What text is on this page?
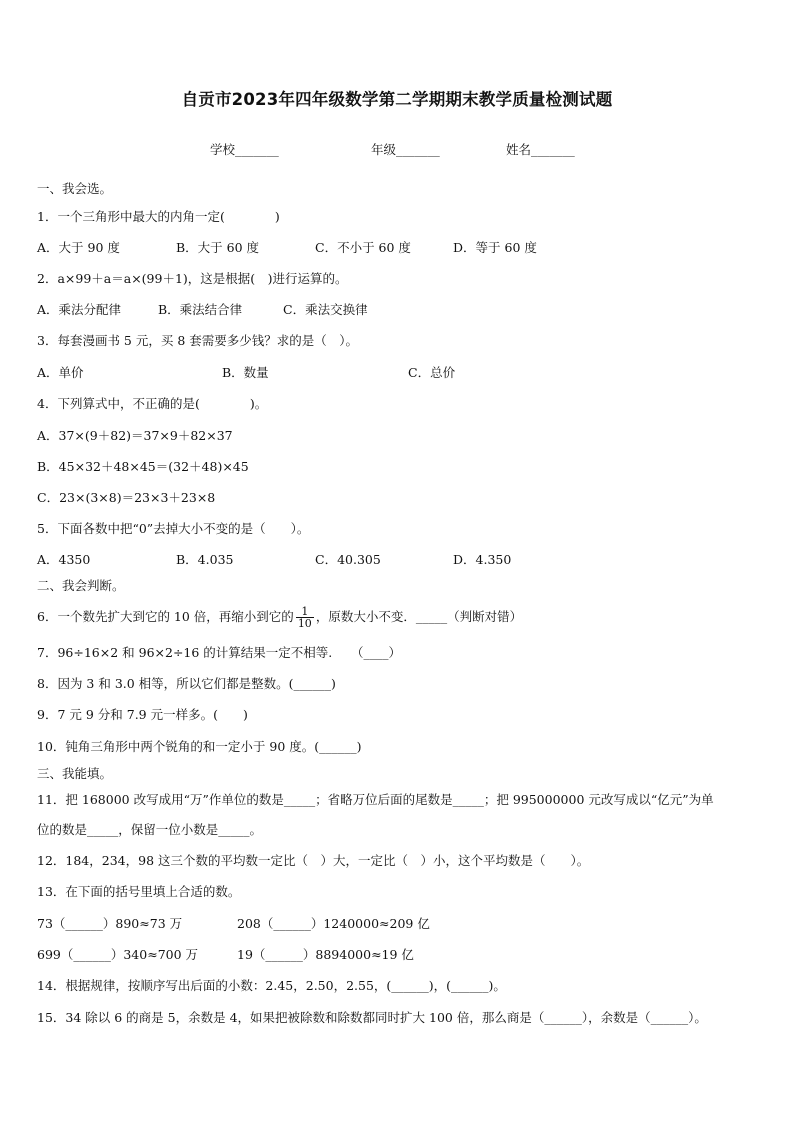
自贡市2023年四年级数学第二学期期末教学质量检测试题
学校_______	年级_______	姓名_______
一、我会选。
1．一个三角形中最大的内角一定(　　　　)
A．大于 90 度	B．大于 60 度	C．不小于 60 度	D．等于 60 度
2．a×99＋a＝a×(99＋1)，这是根据(　)进行运算的。
A．乘法分配律	B．乘法结合律	C．乘法交换律
3．每套漫画书 5 元，买 8 套需要多少钱？求的是（　）。
A．单价	B．数量	C．总价
4．下列算式中，不正确的是(　　　　)。
A．37×(9＋82)＝37×9＋82×37
B．45×32＋48×45＝(32＋48)×45
C．23×(3×8)＝23×3＋23×8
5．下面各数中把“0”去掉大小不变的是（　　）。
A．4350	B．4.035	C．40.305	D．4.350
二、我会判断。
6．一个数先扩大到它的 10 倍，再缩小到它的 $\frac{1}{10}$ ，原数大小不变．_____（判断对错）
7．96÷16×2 和 96×2÷16 的计算结果一定不相等.　　（____）
8．因为 3 和 3.0 相等，所以它们都是整数。(______)
9．7 元 9 分和 7.9 元一样多。(　　)
10．钝角三角形中两个锐角的和一定小于 90 度。(______)
三、我能填。
11．把 168000 改写成用“万”作单位的数是_____；省略万位后面的尾数是_____；把 995000000 元改写成以“亿元”为单
位的数是_____，保留一位小数是_____。
12．184，234，98 这三个数的平均数一定比（　）大，一定比（　）小，这个平均数是（　　）。
13．在下面的括号里填上合适的数。
73（______）890≈73 万	208（______）1240000≈209 亿
699（______）340≈700 万	19（______）8894000≈19 亿
14．根据规律，按顺序写出后面的小数：2.45，2.50，2.55，(______)，(______)。
15．34 除以 6 的商是 5，余数是 4，如果把被除数和除数都同时扩大 100 倍，那么商是（______），余数是（______）。
